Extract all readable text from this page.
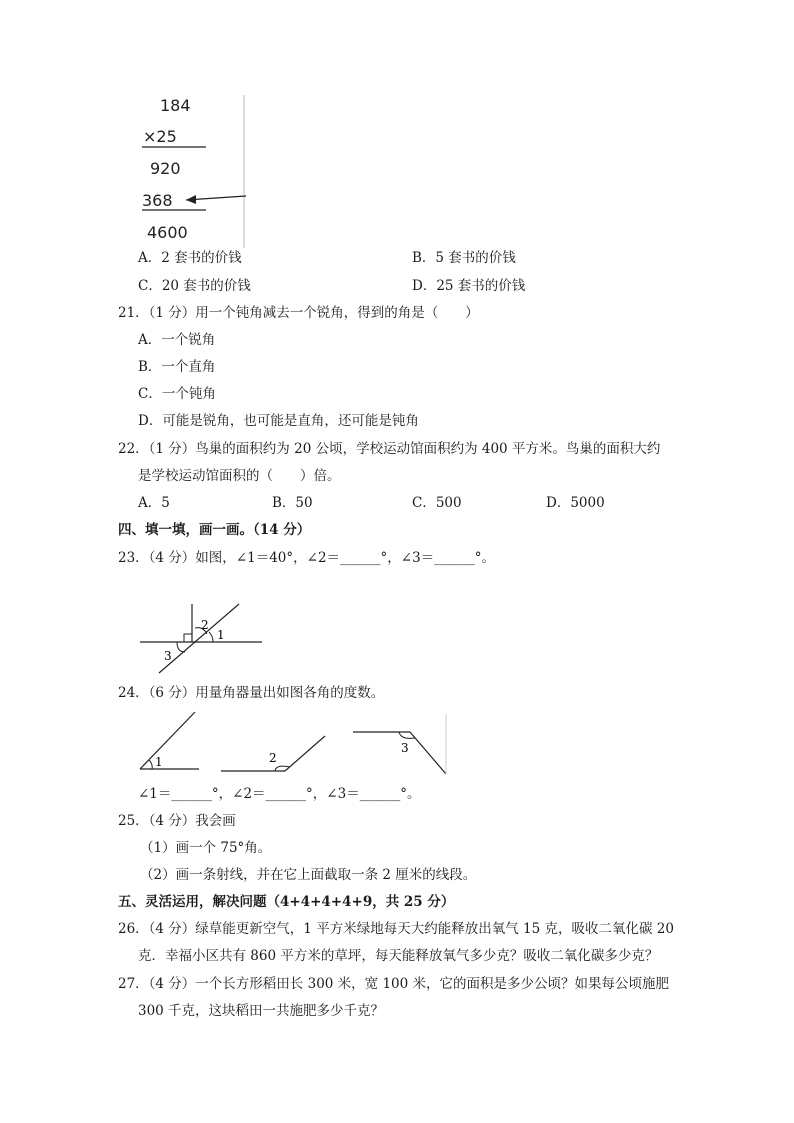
184
×25
920
368
4600
A．2 套书的价钱	B．5 套书的价钱
C．20 套书的价钱	D．25 套书的价钱
21．（1 分）用一个钝角减去一个锐角，得到的角是（　　）
A．一个锐角
B．一个直角
C．一个钝角
D．可能是锐角，也可能是直角，还可能是钝角
22．（1 分）鸟巢的面积约为 20 公顷，学校运动馆面积约为 400 平方米。鸟巢的面积大约
是学校运动馆面积的（　　）倍。
A．5	B．50	C．500	D．5000
四、填一填，画一画。（14 分）
23．（4 分）如图，∠1＝40°，∠2＝______°，∠3＝______°。
2
1
3
24．（6 分）用量角器量出如图各角的度数。
1	2
3
∠1＝______°，∠2＝______°，∠3＝______°。
25．（4 分）我会画
（1）画一个 75°角。
（2）画一条射线，并在它上面截取一条 2 厘米的线段。
五、灵活运用，解决问题（4+4+4+4+9，共 25 分）
26．（4 分）绿草能更新空气，1 平方米绿地每天大约能释放出氧气 15 克，吸收二氧化碳 20
克．幸福小区共有 860 平方米的草坪，每天能释放氧气多少克？吸收二氧化碳多少克？
27．（4 分）一个长方形稻田长 300 米，宽 100 米，它的面积是多少公顷？如果每公顷施肥
300 千克，这块稻田一共施肥多少千克？
